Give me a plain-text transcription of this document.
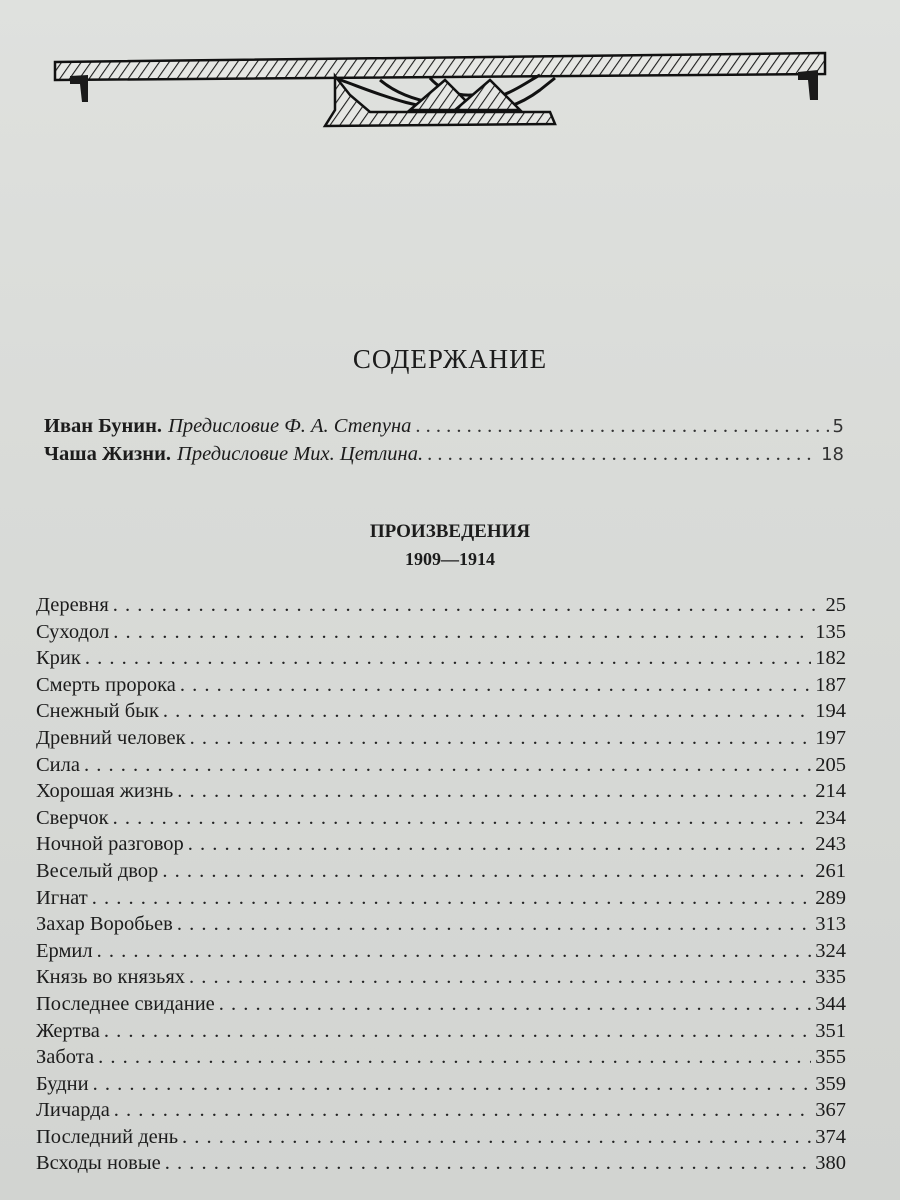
СОДЕРЖАНИЕ
Иван Бунин. Предисловие Ф. А. Степуна . . .	5
Чаша Жизни. Предисловие Мих. Цетлина. . . .	18
ПРОИЗВЕДЕНИЯ
1909—1914
Деревня . . .	25
Суходол . . .	135
Крик . . .	182
Смерть пророка . . .	187
Снежный бык . . .	194
Древний человек . . .	197
Сила . . .	205
Хорошая жизнь . . .	214
Сверчок . . .	234
Ночной разговор . . .	243
Веселый двор . . .	261
Игнат . . .	289
Захар Воробьев . . .	313
Ермил . . .	324
Князь во князьях . . .	335
Последнее свидание . . .	344
Жертва . . .	351
Забота . . .	355
Будни . . .	359
Личарда . . .	367
Последний день . . .	374
Всходы новые . . .	380
